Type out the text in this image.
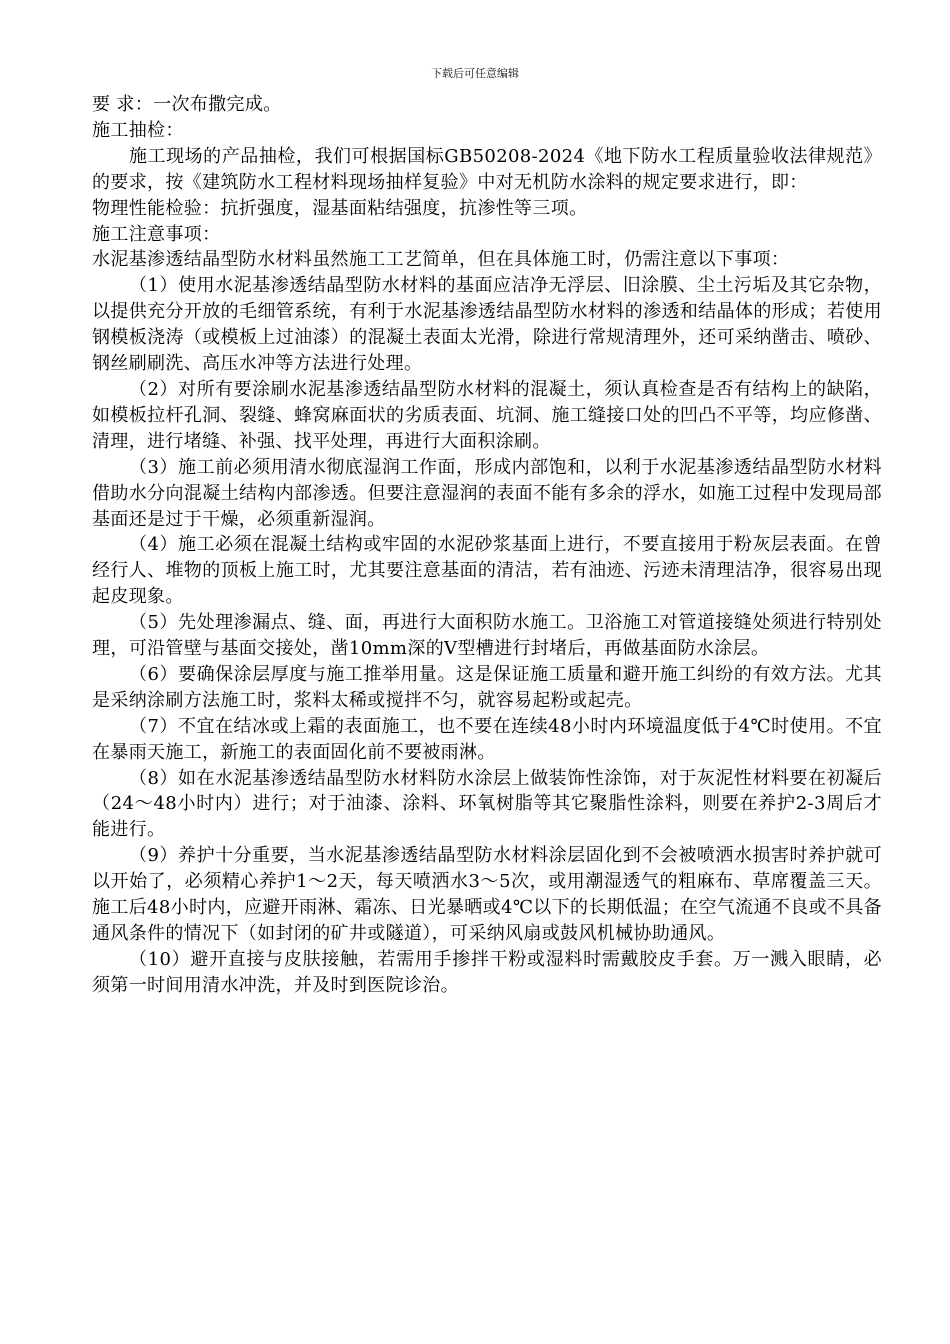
下载后可任意编辑

要 求：一次布撒完成。

施工抽检：

施工现场的产品抽检，我们可根据国标GB50208-2024《地下防水工程质量验收法律规范》的要求，按《建筑防水工程材料现场抽样复验》中对无机防水涂料的规定要求进行，即：

物理性能检验：抗折强度，湿基面粘结强度，抗渗性等三项。

施工注意事项：

水泥基渗透结晶型防水材料虽然施工工艺简单，但在具体施工时，仍需注意以下事项：

（1）使用水泥基渗透结晶型防水材料的基面应洁净无浮层、旧涂膜、尘土污垢及其它杂物，以提供充分开放的毛细管系统，有利于水泥基渗透结晶型防水材料的渗透和结晶体的形成；若使用钢模板浇涛（或模板上过油漆）的混凝土表面太光滑，除进行常规清理外，还可采纳凿击、喷砂、钢丝刷刷洗、高压水冲等方法进行处理。

（2）对所有要涂刷水泥基渗透结晶型防水材料的混凝土，须认真检查是否有结构上的缺陷，如模板拉杆孔洞、裂缝、蜂窝麻面状的劣质表面、坑洞、施工缝接口处的凹凸不平等，均应修凿、清理，进行堵缝、补强、找平处理，再进行大面积涂刷。

（3）施工前必须用清水彻底湿润工作面，形成内部饱和，以利于水泥基渗透结晶型防水材料借助水分向混凝土结构内部渗透。但要注意湿润的表面不能有多余的浮水，如施工过程中发现局部基面还是过于干燥，必须重新湿润。

（4）施工必须在混凝土结构或牢固的水泥砂浆基面上进行，不要直接用于粉灰层表面。在曾经行人、堆物的顶板上施工时，尤其要注意基面的清洁，若有油迹、污迹未清理洁净，很容易出现起皮现象。

（5）先处理渗漏点、缝、面，再进行大面积防水施工。卫浴施工对管道接缝处须进行特别处理，可沿管壁与基面交接处，凿10mm深的V型槽进行封堵后，再做基面防水涂层。

（6）要确保涂层厚度与施工推举用量。这是保证施工质量和避开施工纠纷的有效方法。尤其是采纳涂刷方法施工时，浆料太稀或搅拌不匀，就容易起粉或起壳。

（7）不宜在结冰或上霜的表面施工，也不要在连续48小时内环境温度低于4℃时使用。不宜在暴雨天施工，新施工的表面固化前不要被雨淋。

（8）如在水泥基渗透结晶型防水材料防水涂层上做装饰性涂饰，对于灰泥性材料要在初凝后（24～48小时内）进行；对于油漆、涂料、环氧树脂等其它聚脂性涂料，则要在养护2-3周后才能进行。

（9）养护十分重要，当水泥基渗透结晶型防水材料涂层固化到不会被喷洒水损害时养护就可以开始了，必须精心养护1～2天，每天喷洒水3～5次，或用潮湿透气的粗麻布、草席覆盖三天。施工后48小时内，应避开雨淋、霜冻、日光暴晒或4℃以下的长期低温；在空气流通不良或不具备通风条件的情况下（如封闭的矿井或隧道），可采纳风扇或鼓风机械协助通风。

（10）避开直接与皮肤接触，若需用手掺拌干粉或湿料时需戴胶皮手套。万一溅入眼睛，必须第一时间用清水冲洗，并及时到医院诊治。
